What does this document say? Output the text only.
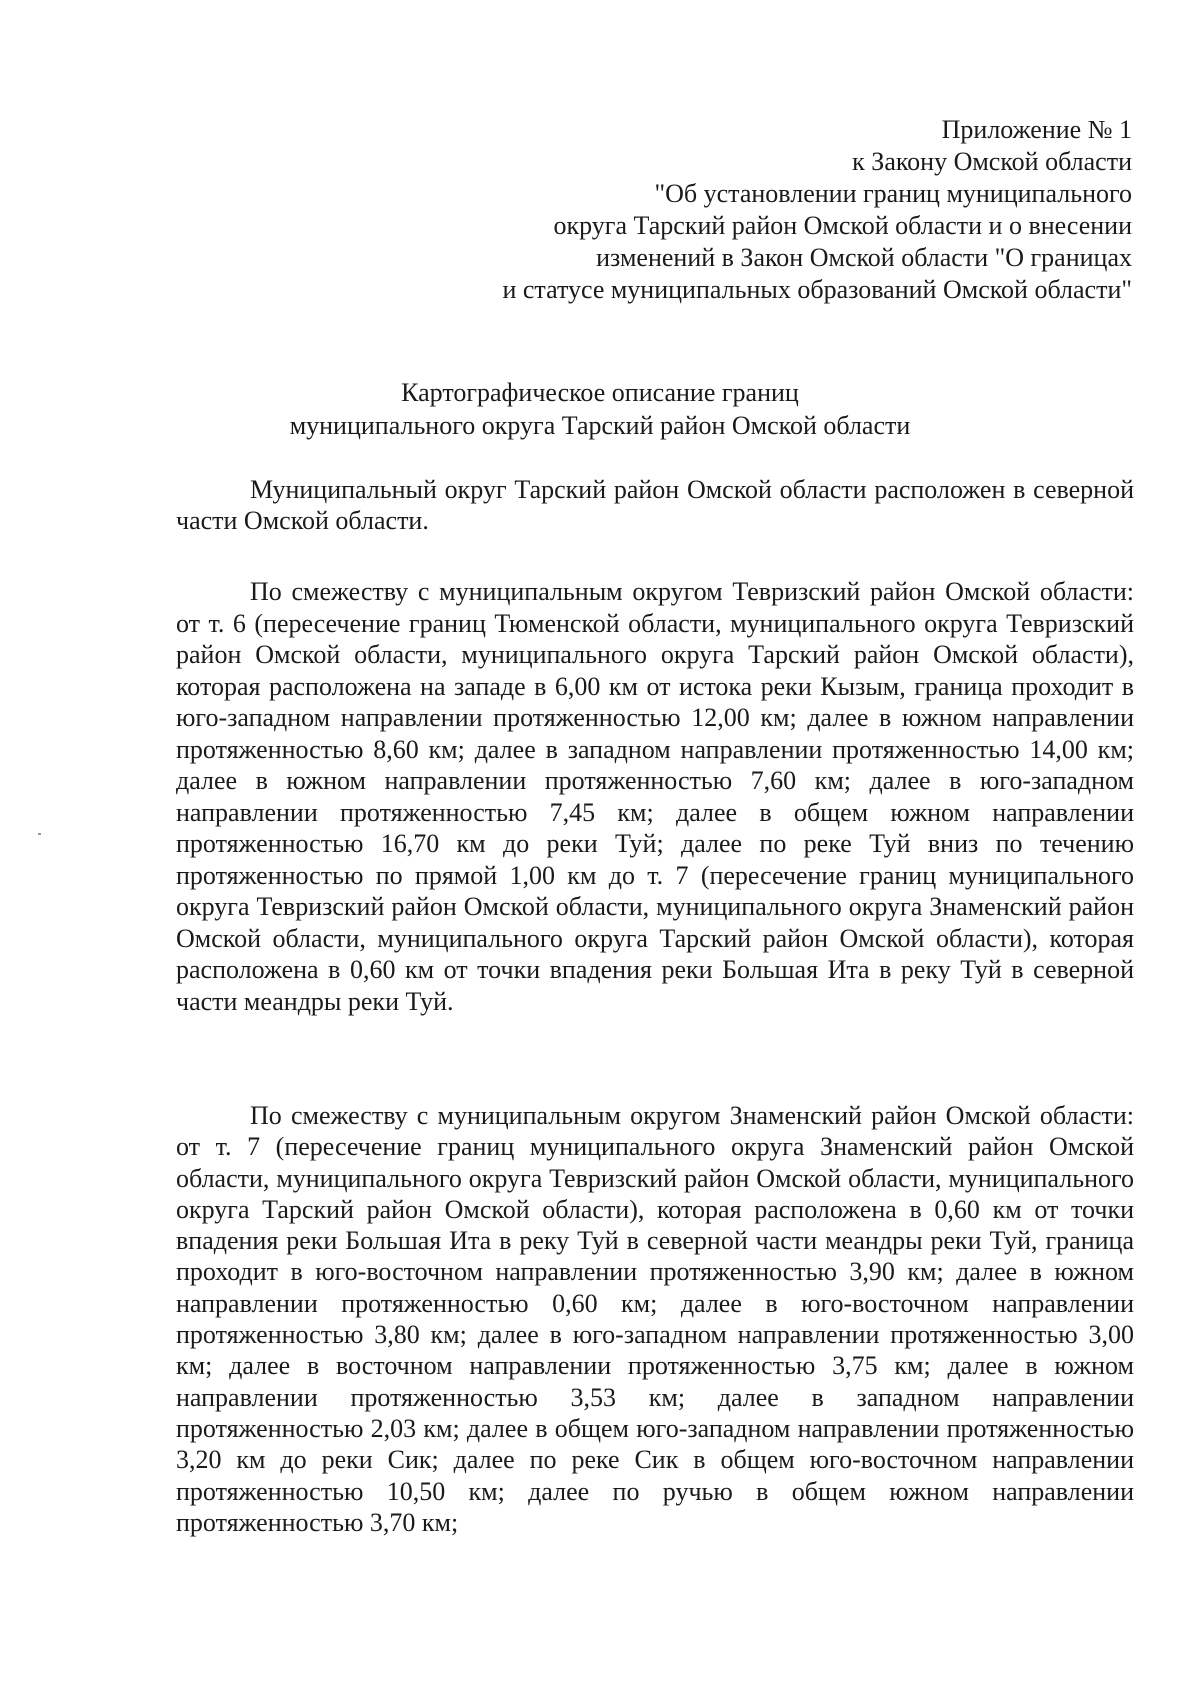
Приложение № 1
к Закону Омской области
"Об установлении границ муниципального
округа Тарский район Омской области и о внесении
изменений в Закон Омской области "О границах
и статусе муниципальных образований Омской области"
Картографическое описание границ
муниципального округа Тарский район Омской области

Муниципальный округ Тарский район Омской области расположен в северной части Омской области.

По смежеству с муниципальным округом Тевризский район Омской области: от т. 6 (пересечение границ Тюменской области, муниципального округа Тевризский район Омской области, муниципального округа Тарский район Омской области), которая расположена на западе в 6,00 км от истока реки Кызым, граница проходит в юго-западном направлении протяженностью 12,00 км; далее в южном направлении протяженностью 8,60 км; далее в западном направлении протяженностью 14,00 км; далее в южном направлении протяженностью 7,60 км; далее в юго-западном направлении протяженностью 7,45 км; далее в общем южном направлении протяженностью 16,70 км до реки Туй; далее по реке Туй вниз по течению протяженностью по прямой 1,00 км до т. 7 (пересечение границ муниципального округа Тевризский район Омской области, муниципального округа Знаменский район Омской области, муниципального округа Тарский район Омской области), которая расположена в 0,60 км от точки впадения реки Большая Ита в реку Туй в северной части меандры реки Туй.

По смежеству с муниципальным округом Знаменский район Омской области: от т. 7 (пересечение границ муниципального округа Знаменский район Омской области, муниципального округа Тевризский район Омской области, муниципального округа Тарский район Омской области), которая расположена в 0,60 км от точки впадения реки Большая Ита в реку Туй в северной части меандры реки Туй, граница проходит в юго-восточном направлении протяженностью 3,90 км; далее в южном направлении протяженностью 0,60 км; далее в юго-восточном направлении протяженностью 3,80 км; далее в юго-западном направлении протяженностью 3,00 км; далее в восточном направлении протяженностью 3,75 км; далее в южном направлении протяженностью 3,53 км; далее в западном направлении протяженностью 2,03 км; далее в общем юго-западном направлении протяженностью 3,20 км до реки Сик; далее по реке Сик в общем юго-восточном направлении протяженностью 10,50 км; далее по ручью в общем южном направлении протяженностью 3,70 км;
